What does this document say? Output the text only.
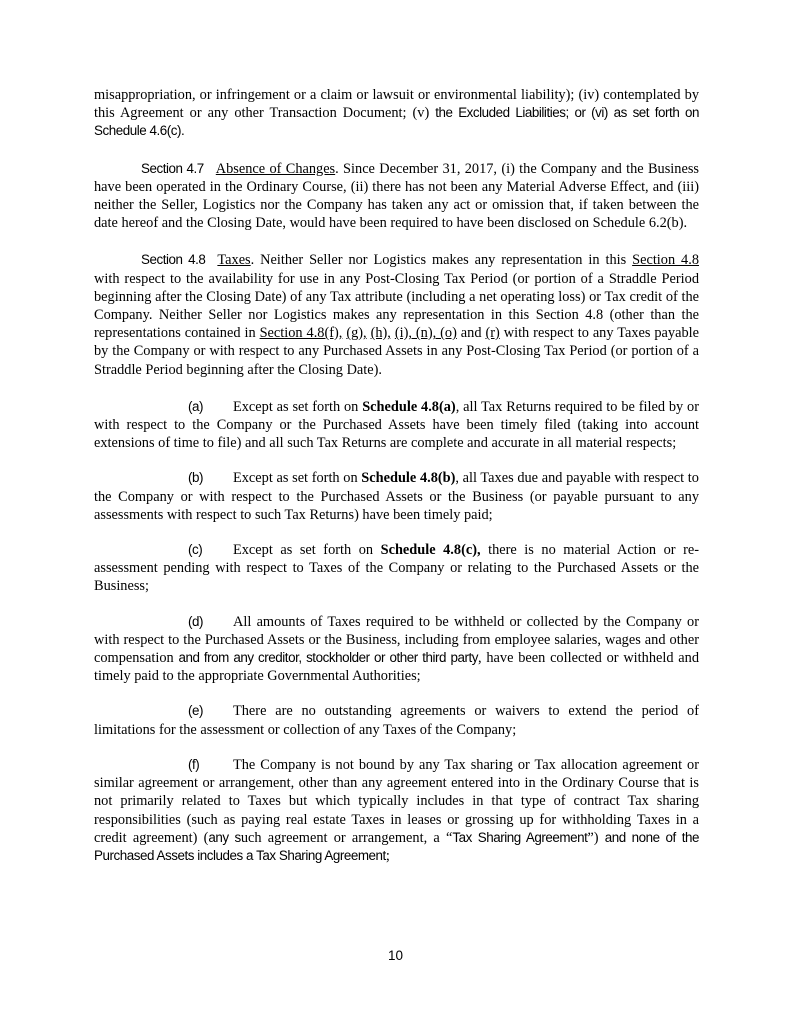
misappropriation, or infringement or a claim or lawsuit or environmental liability); (iv) contemplated by this Agreement or any other Transaction Document; (v) the Excluded Liabilities; or (vi) as set forth on Schedule 4.6(c).

Section 4.7 Absence of Changes. Since December 31, 2017, (i) the Company and the Business have been operated in the Ordinary Course, (ii) there has not been any Material Adverse Effect, and (iii) neither the Seller, Logistics nor the Company has taken any act or omission that, if taken between the date hereof and the Closing Date, would have been required to have been disclosed on Schedule 6.2(b).

Section 4.8 Taxes. Neither Seller nor Logistics makes any representation in this Section 4.8 with respect to the availability for use in any Post-Closing Tax Period (or portion of a Straddle Period beginning after the Closing Date) of any Tax attribute (including a net operating loss) or Tax credit of the Company. Neither Seller nor Logistics makes any representation in this Section 4.8 (other than the representations contained in Section 4.8(f), (g), (h), (i), (n), (o) and (r) with respect to any Taxes payable by the Company or with respect to any Purchased Assets in any Post-Closing Tax Period (or portion of a Straddle Period beginning after the Closing Date).

(a) Except as set forth on Schedule 4.8(a), all Tax Returns required to be filed by or with respect to the Company or the Purchased Assets have been timely filed (taking into account extensions of time to file) and all such Tax Returns are complete and accurate in all material respects;

(b) Except as set forth on Schedule 4.8(b), all Taxes due and payable with respect to the Company or with respect to the Purchased Assets or the Business (or payable pursuant to any assessments with respect to such Tax Returns) have been timely paid;

(c) Except as set forth on Schedule 4.8(c), there is no material Action or re-assessment pending with respect to Taxes of the Company or relating to the Purchased Assets or the Business;

(d) All amounts of Taxes required to be withheld or collected by the Company or with respect to the Purchased Assets or the Business, including from employee salaries, wages and other compensation and from any creditor, stockholder or other third party, have been collected or withheld and timely paid to the appropriate Governmental Authorities;

(e) There are no outstanding agreements or waivers to extend the period of limitations for the assessment or collection of any Taxes of the Company;

(f) The Company is not bound by any Tax sharing or Tax allocation agreement or similar agreement or arrangement, other than any agreement entered into in the Ordinary Course that is not primarily related to Taxes but which typically includes in that type of contract Tax sharing responsibilities (such as paying real estate Taxes in leases or grossing up for withholding Taxes in a credit agreement) (any such agreement or arrangement, a “Tax Sharing Agreement”) and none of the Purchased Assets includes a Tax Sharing Agreement;

10
